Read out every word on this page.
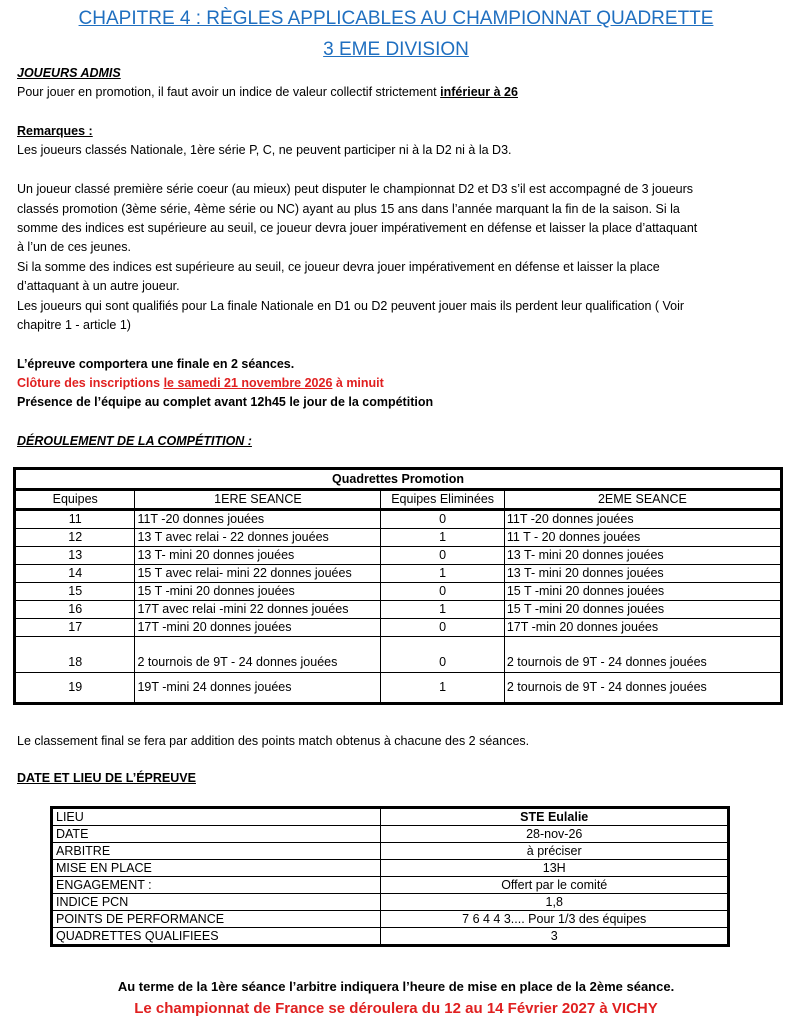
CHAPITRE 4 : RÈGLES APPLICABLES AU CHAMPIONNAT QUADRETTE
3 EME DIVISION
JOUEURS ADMIS
Pour jouer en promotion, il faut avoir un indice de valeur collectif strictement inférieur à 26
Remarques :
Les joueurs classés Nationale, 1ère série P, C, ne peuvent participer ni à la D2 ni à la D3.
Un joueur classé première série coeur (au mieux) peut disputer le championnat D2 et D3 s’il est accompagné de 3 joueurs
classés promotion (3ème série, 4ème série ou NC) ayant au plus 15 ans dans l’année marquant la fin de la saison. Si la
somme des indices est supérieure au seuil, ce joueur devra jouer impérativement en défense et laisser la place d’attaquant
à l’un de ces jeunes.
Si la somme des indices est supérieure au seuil, ce joueur devra jouer impérativement en défense et laisser la place
d’attaquant à un autre joueur.
Les joueurs qui sont qualifiés pour La finale Nationale en D1 ou D2 peuvent jouer mais ils perdent leur qualification ( Voir
chapitre 1 - article 1)
L’épreuve comportera une finale en 2 séances.
Clôture des inscriptions le samedi 21 novembre 2026 à minuit
Présence de l’équipe au complet avant 12h45 le jour de la compétition
DÉROULEMENT DE LA COMPÉTITION :
Quadrettes Promotion			
Equipes	1ERE SEANCE	Equipes Eliminées	2EME SEANCE
11	11T -20 donnes jouées	0	11T -20 donnes jouées
12	13 T avec relai - 22 donnes jouées	1	11 T - 20 donnes jouées
13	13 T- mini 20 donnes jouées	0	13 T- mini 20 donnes jouées
14	15 T avec relai- mini 22 donnes jouées	1	13 T- mini 20 donnes jouées
15	15 T -mini 20 donnes jouées	0	15 T -mini 20 donnes jouées
16	17T avec relai -mini 22 donnes jouées	1	15 T -mini 20 donnes jouées
17	17T -mini 20 donnes jouées	0	17T -min 20 donnes jouées
18	2 tournois de 9T - 24 donnes jouées	0	2 tournois de 9T - 24 donnes jouées
19	19T -mini 24 donnes jouées	1	2 tournois de 9T - 24 donnes jouées
Le classement final se fera par addition des points match obtenus à chacune des 2 séances.
DATE ET LIEU DE L’ÉPREUVE
LIEU	STE Eulalie
DATE	28-nov-26
ARBITRE	à préciser
MISE EN PLACE	13H
ENGAGEMENT :	Offert par le comité
INDICE PCN	1,8
POINTS DE PERFORMANCE	7 6 4 4 3.... Pour 1/3 des équipes
QUADRETTES QUALIFIEES	3
Au terme de la 1ère séance l’arbitre indiquera l’heure de mise en place de la 2ème séance.
Le championnat de France se déroulera du 12 au 14 Février 2027 à VICHY
